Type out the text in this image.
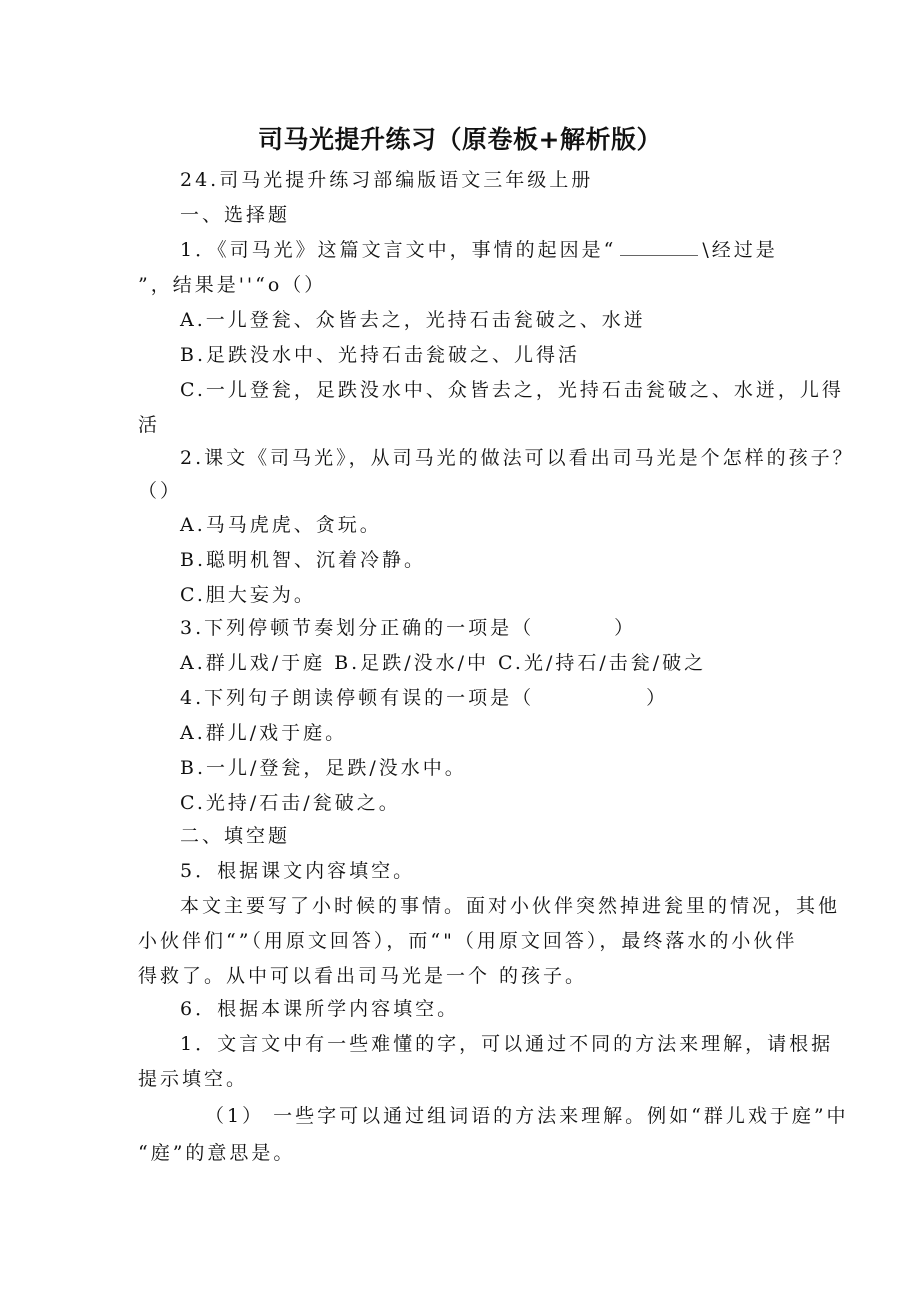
司马光提升练习（原卷板+解析版）
24.司马光提升练习部编版语文三年级上册
一、选择题
1．《司马光》这篇文言文中，事情的起因是“	\经过是
”，结果是''“o（）
A.一儿登瓮、众皆去之，光持石击瓮破之、水迸
B.足跌没水中、光持石击瓮破之、儿得活
C.一儿登瓮，足跌没水中、众皆去之，光持石击瓮破之、水迸，儿得
活
2.课文《司马光》，从司马光的做法可以看出司马光是个怎样的孩子？
（）
A.马马虎虎、贪玩。
B.聪明机智、沉着冷静。
C.胆大妄为。
3.下列停顿节奏划分正确的一项是（	）
A.群儿戏/于庭 B.足跌/没水/中 C.光/持石/击瓮/破之
4.下列句子朗读停顿有误的一项是（	）
A.群儿/戏于庭。
B.一儿/登瓮，足跌/没水中。
C.光持/石击/瓮破之。
二、填空题
5．根据课文内容填空。
本文主要写了小时候的事情。面对小伙伴突然掉进瓮里的情况，其他
小伙伴们“”（用原文回答），而“"（用原文回答），最终落水的小伙伴
得救了。从中可以看出司马光是一个 的孩子。
6．根据本课所学内容填空。
1．文言文中有一些难懂的字，可以通过不同的方法来理解，请根据
提示填空。
（1） 一些字可以通过组词语的方法来理解。例如“群儿戏于庭”中
“庭”的意思是。
